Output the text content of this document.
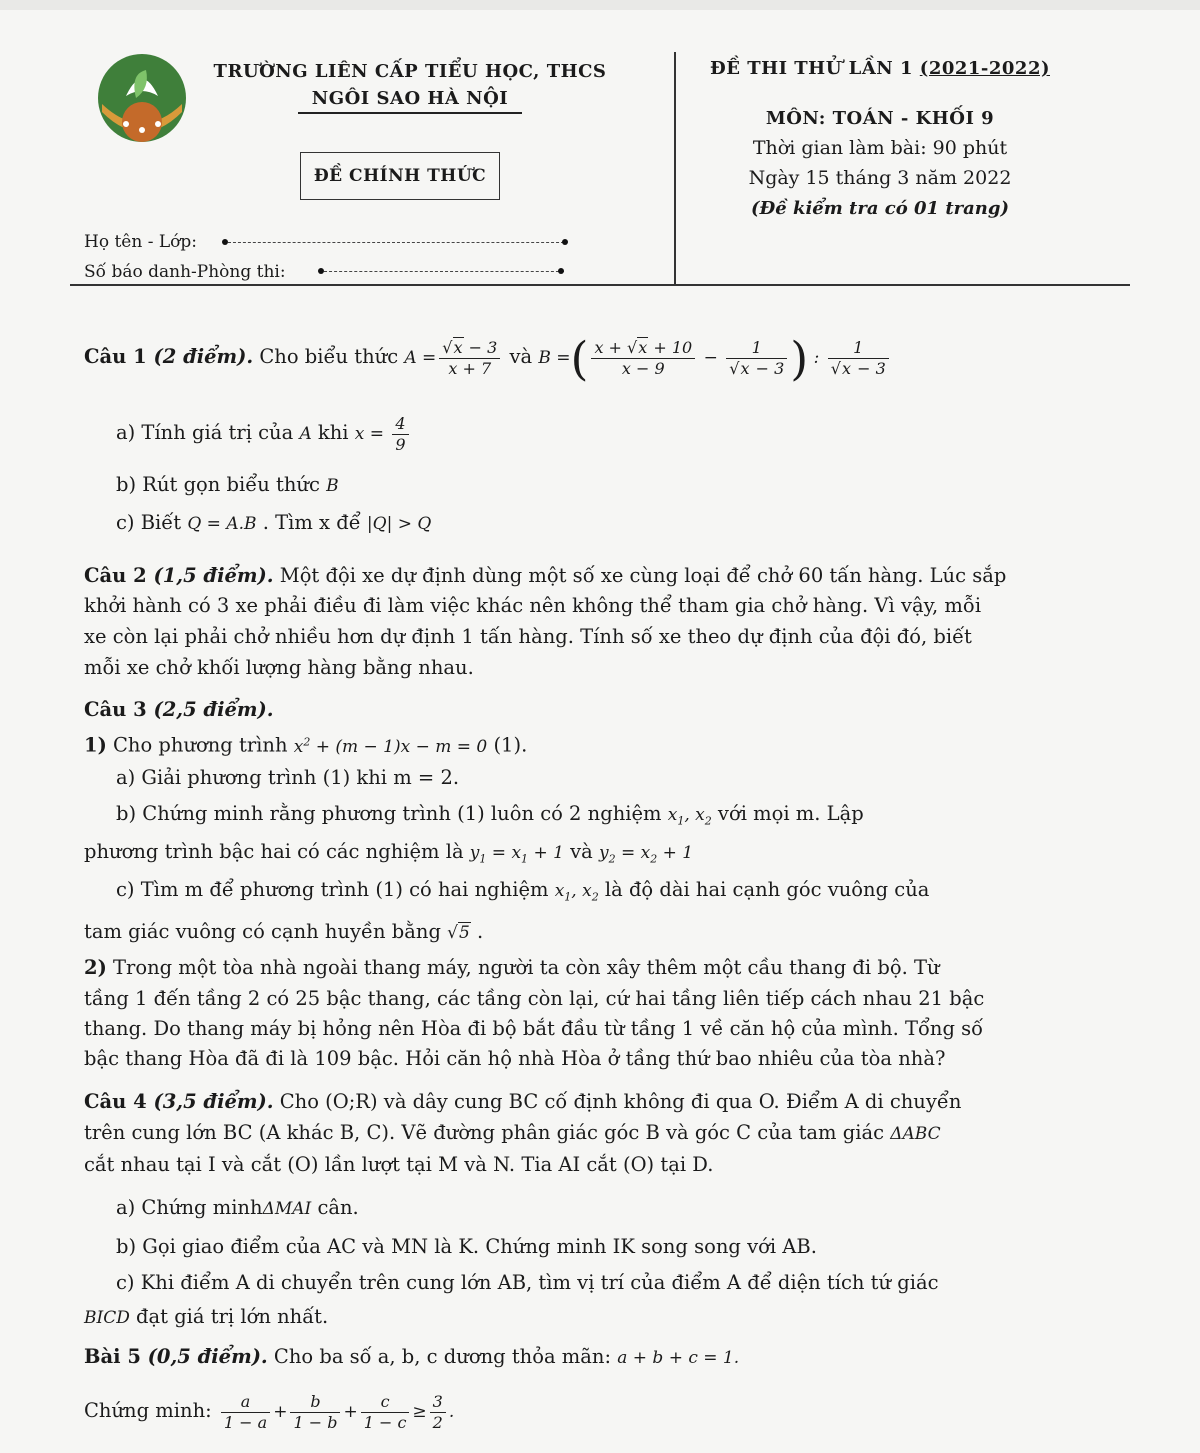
TRƯỜNG LIÊN CẤP TIỂU HỌC, THCS
NGÔI SAO HÀ NỘI
ĐỀ CHÍNH THỨC
ĐỀ THI THỬ LẦN 1 (2021-2022)
MÔN: TOÁN - KHỐI 9
Thời gian làm bài: 90 phút
Ngày 15 tháng 3 năm 2022
(Đề kiểm tra có 01 trang)
Họ tên - Lớp:
Số báo danh-Phòng thi:
Câu 1 (2 điểm). Cho biểu thức $A = \frac{√x - 3}{x + 7}$ và B =( $\frac{x + √x + 10}{x - 9} - \frac{1}{√x - 3}$ ) : $\frac{1}{√x - 3}$
a) Tính giá trị của A khi $x = \frac{4}{9}$
b) Rút gọn biểu thức B
c) Biết Q = A.B . Tìm x để |Q| > Q
Câu 2 (1,5 điểm). Một đội xe dự định dùng một số xe cùng loại để chở 60 tấn hàng. Lúc sắp
khởi hành có 3 xe phải điều đi làm việc khác nên không thể tham gia chở hàng. Vì vậy, mỗi
xe còn lại phải chở nhiều hơn dự định 1 tấn hàng. Tính số xe theo dự định của đội đó, biết
mỗi xe chở khối lượng hàng bằng nhau.
Câu 3 (2,5 điểm).
1) Cho phương trình $x^2 + (m - 1)x - m = 0$ (1).
a) Giải phương trình (1) khi m = 2.
b) Chứng minh rằng phương trình (1) luôn có 2 nghiệm $x_1$, $x_2$ với mọi m. Lập
phương trình bậc hai có các nghiệm là $y_1 = x_1 + 1$ và $y_2 = x_2 + 1$
c) Tìm m để phương trình (1) có hai nghiệm $x_1$, $x_2$ là độ dài hai cạnh góc vuông của
tam giác vuông có cạnh huyền bằng √5 .
2) Trong một tòa nhà ngoài thang máy, người ta còn xây thêm một cầu thang đi bộ. Từ
tầng 1 đến tầng 2 có 25 bậc thang, các tầng còn lại, cứ hai tầng liên tiếp cách nhau 21 bậc
thang. Do thang máy bị hỏng nên Hòa đi bộ bắt đầu từ tầng 1 về căn hộ của mình. Tổng số
bậc thang Hòa đã đi là 109 bậc. Hỏi căn hộ nhà Hòa ở tầng thứ bao nhiêu của tòa nhà?
Câu 4 (3,5 điểm). Cho (O;R) và dây cung BC cố định không đi qua O. Điểm A di chuyển
trên cung lớn BC (A khác B, C). Vẽ đường phân giác góc B và góc C của tam giác ΔABC
cắt nhau tại I và cắt (O) lần lượt tại M và N. Tia AI cắt (O) tại D.
a) Chứng minhΔMAI cân.
b) Gọi giao điểm của AC và MN là K. Chứng minh IK song song với AB.
c) Khi điểm A di chuyển trên cung lớn AB, tìm vị trí của điểm A để diện tích tứ giác
BICD đạt giá trị lớn nhất.
Bài 5 (0,5 điểm). Cho ba số a, b, c dương thỏa mãn: a + b + c = 1.
Chứng minh: $\frac{a}{1 - a} + \frac{b}{1 - b} + \frac{c}{1 - c} \ge \frac{3}{2}$ .
